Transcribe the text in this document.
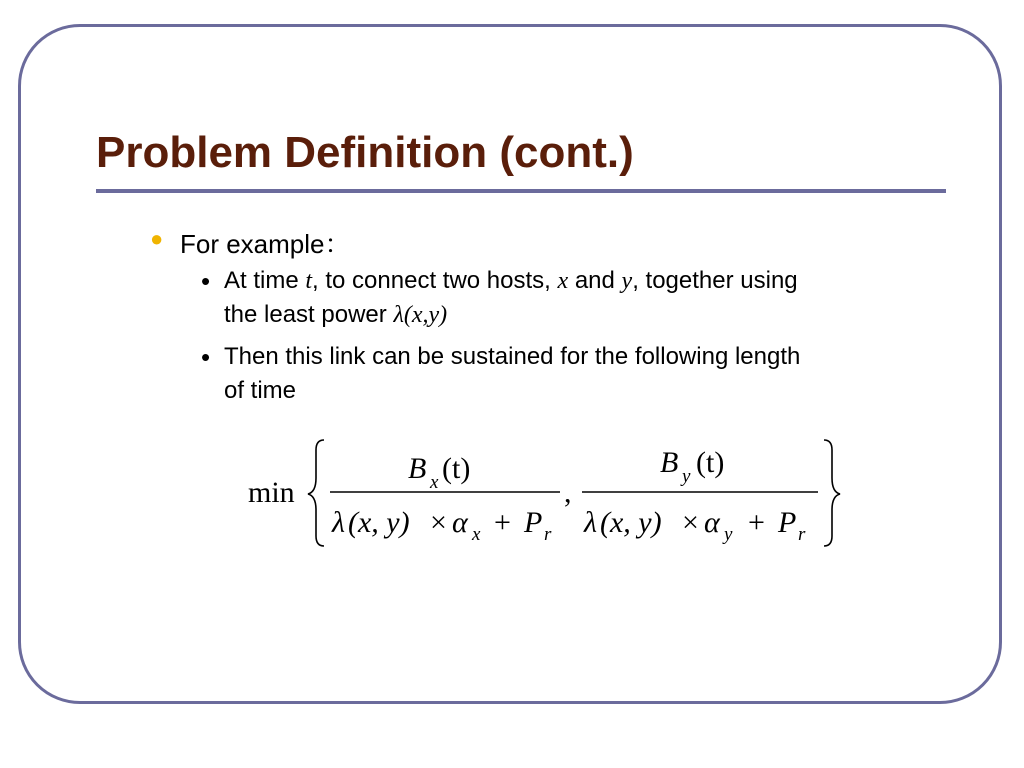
Problem Definition (cont.)
● For example：
• At time t, to connect two hosts, x and y, together using
the least power λ(x,y)
• Then this link can be sustained for the following length
of time
min
B x (t)
λ (x, y) × α x + P r
,
B y (t)
λ (x, y) × α y + P r
